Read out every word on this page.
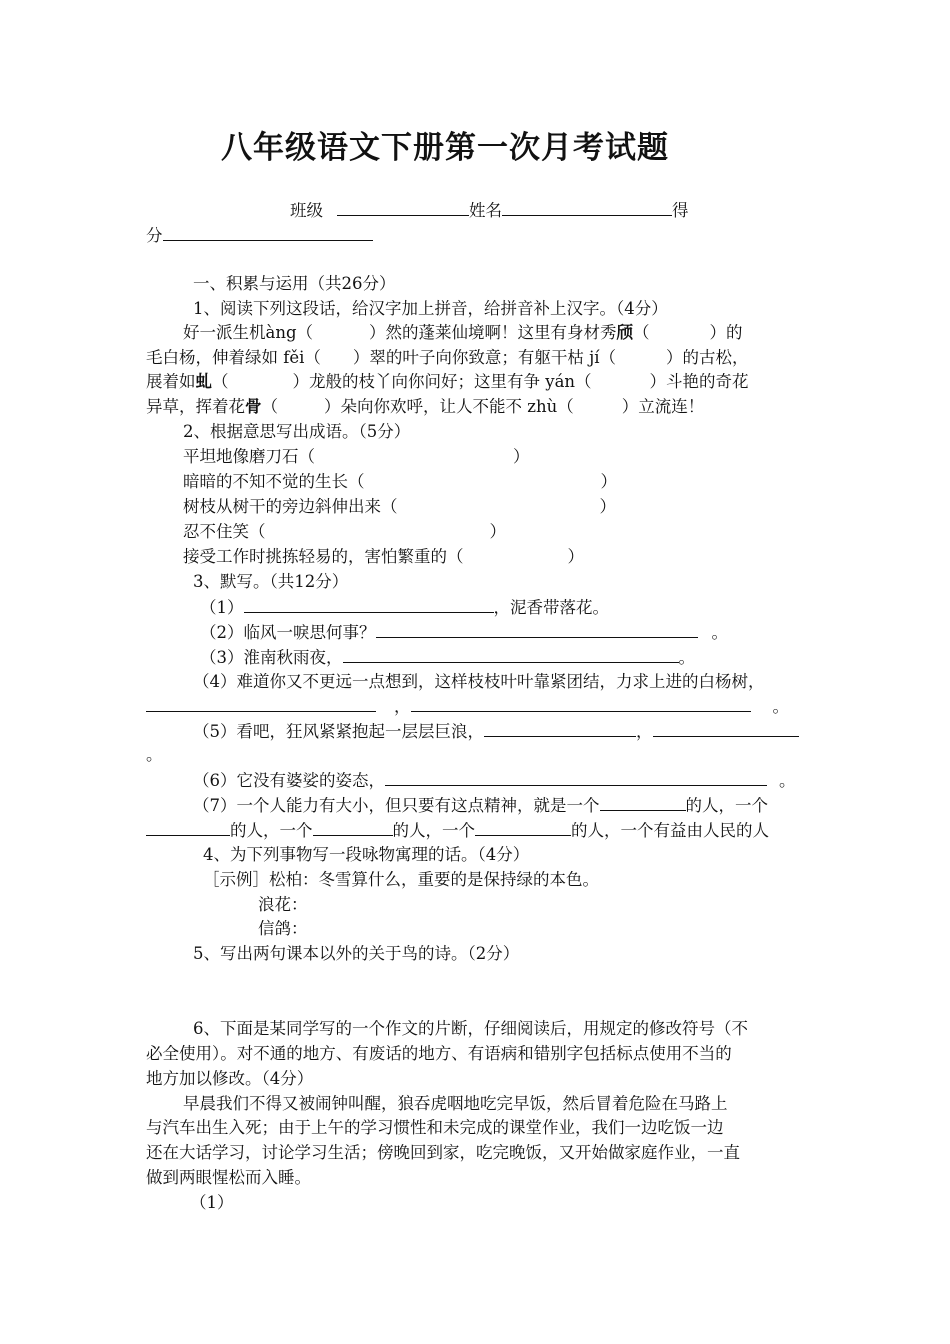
八年级语文下册第一次月考试题
班级	姓名	得
分
一、积累与运用（共26分）
1、阅读下列这段话，给汉字加上拼音，给拼音补上汉字。（4分）
好一派生机àng（	）然的蓬莱仙境啊！这里有身材秀颀（	）的
毛白杨，伸着绿如 fěi（ ）翠的叶子向你致意；有躯干枯 jí（	）的古松，
展着如虬（	）龙般的枝丫向你问好；这里有争 yán（	）斗艳的奇花
异草，挥着花骨（	）朵向你欢呼，让人不能不 zhù（	）立流连！
2、根据意思写出成语。（5分）
平坦地像磨刀石（	）
暗暗的不知不觉的生长（	）
树枝从树干的旁边斜伸出来（	）
忍不住笑（	）
接受工作时挑拣轻易的，害怕繁重的（	）
3、默写。（共12分）
（1）	，泥香带落花。
（2）临风一唳思何事？	。
（3）淮南秋雨夜，	。
（4）难道你又不更远一点想到，这样枝枝叶叶靠紧团结，力求上进的白杨树，
，	。
（5）看吧，狂风紧紧抱起一层层巨浪，	，
。
（6）它没有婆娑的姿态，	。
（7）一个人能力有大小，但只要有这点精神，就是一个	的人，一个
的人，一个	的人，一个	的人，一个有益由人民的人
4、为下列事物写一段咏物寓理的话。（4分）
［示例］松柏：冬雪算什么，重要的是保持绿的本色。
浪花：
信鸽：
5、写出两句课本以外的关于鸟的诗。（2分）
6、下面是某同学写的一个作文的片断，仔细阅读后，用规定的修改符号（不
必全使用）。对不通的地方、有废话的地方、有语病和错别字包括标点使用不当的
地方加以修改。（4分）
早晨我们不得又被闹钟叫醒，狼吞虎咽地吃完早饭，然后冒着危险在马路上
与汽车出生入死；由于上午的学习惯性和未完成的课堂作业，我们一边吃饭一边
还在大话学习，讨论学习生活；傍晚回到家，吃完晚饭，又开始做家庭作业，一直
做到两眼惺松而入睡。
（1）
